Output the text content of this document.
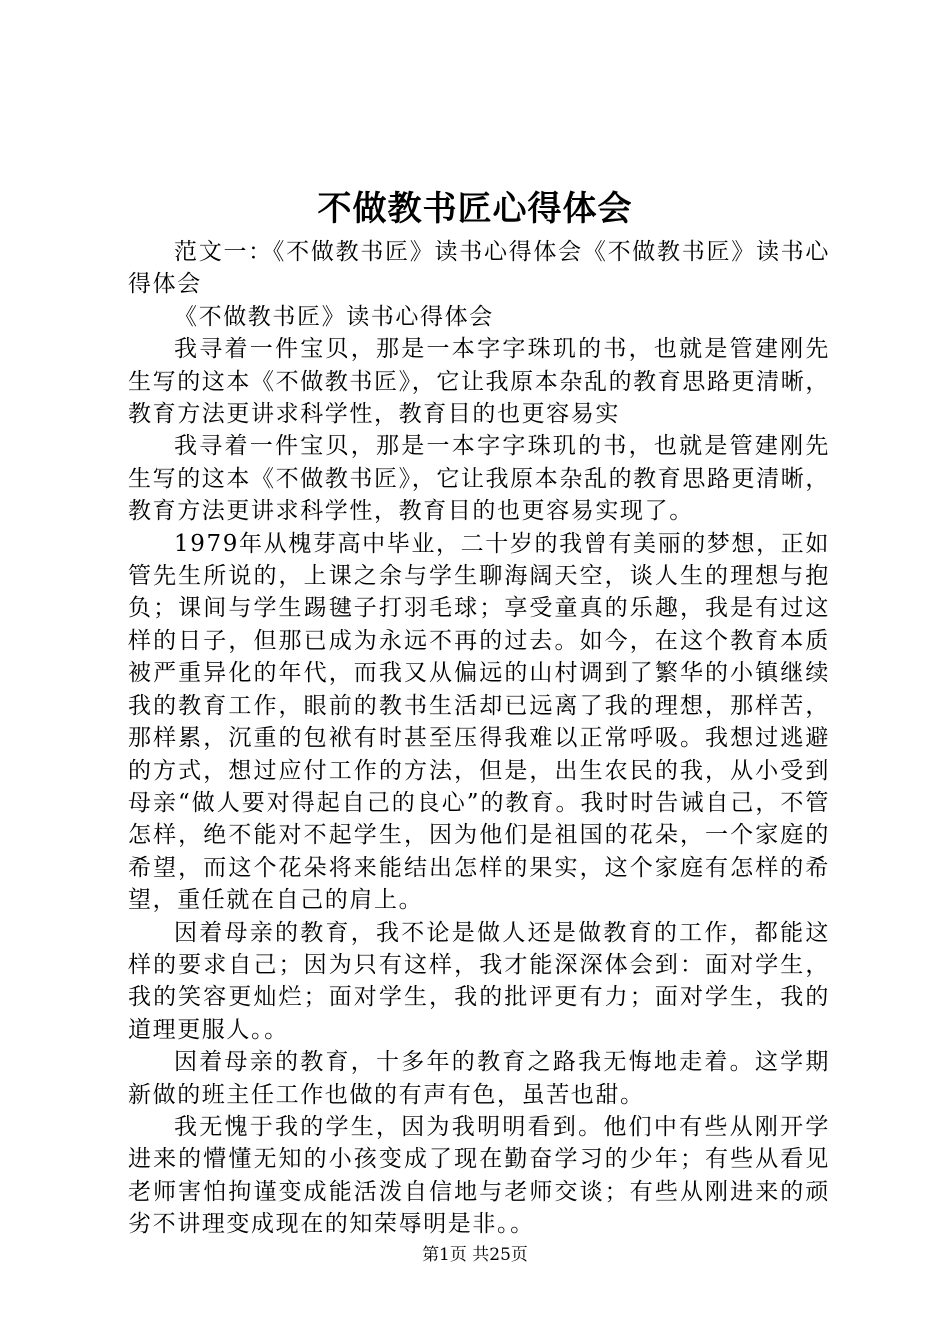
不做教书匠心得体会

范文一：《不做教书匠》读书心得体会《不做教书匠》读书心得体会

《不做教书匠》读书心得体会

我寻着一件宝贝，那是一本字字珠玑的书，也就是管建刚先生写的这本《不做教书匠》，它让我原本杂乱的教育思路更清晰，教育方法更讲求科学性，教育目的也更容易实

我寻着一件宝贝，那是一本字字珠玑的书，也就是管建刚先生写的这本《不做教书匠》，它让我原本杂乱的教育思路更清晰，教育方法更讲求科学性，教育目的也更容易实现了。

1979年从槐芽高中毕业，二十岁的我曾有美丽的梦想，正如管先生所说的，上课之余与学生聊海阔天空，谈人生的理想与抱负；课间与学生踢毽子打羽毛球；享受童真的乐趣，我是有过这样的日子，但那已成为永远不再的过去。如今，在这个教育本质被严重异化的年代，而我又从偏远的山村调到了繁华的小镇继续我的教育工作，眼前的教书生活却已远离了我的理想，那样苦，那样累，沉重的包袱有时甚至压得我难以正常呼吸。我想过逃避的方式，想过应付工作的方法，但是，出生农民的我，从小受到母亲“做人要对得起自己的良心”的教育。我时时告诫自己，不管怎样，绝不能对不起学生，因为他们是祖国的花朵，一个家庭的希望，而这个花朵将来能结出怎样的果实，这个家庭有怎样的希望，重任就在自己的肩上。

因着母亲的教育，我不论是做人还是做教育的工作，都能这样的要求自己；因为只有这样，我才能深深体会到：面对学生，我的笑容更灿烂；面对学生，我的批评更有力；面对学生，我的道理更服人。。

因着母亲的教育，十多年的教育之路我无悔地走着。这学期新做的班主任工作也做的有声有色，虽苦也甜。

我无愧于我的学生，因为我明明看到。他们中有些从刚开学进来的懵懂无知的小孩变成了现在勤奋学习的少年；有些从看见老师害怕拘谨变成能活泼自信地与老师交谈；有些从刚进来的顽劣不讲理变成现在的知荣辱明是非。。

第1页 共25页
